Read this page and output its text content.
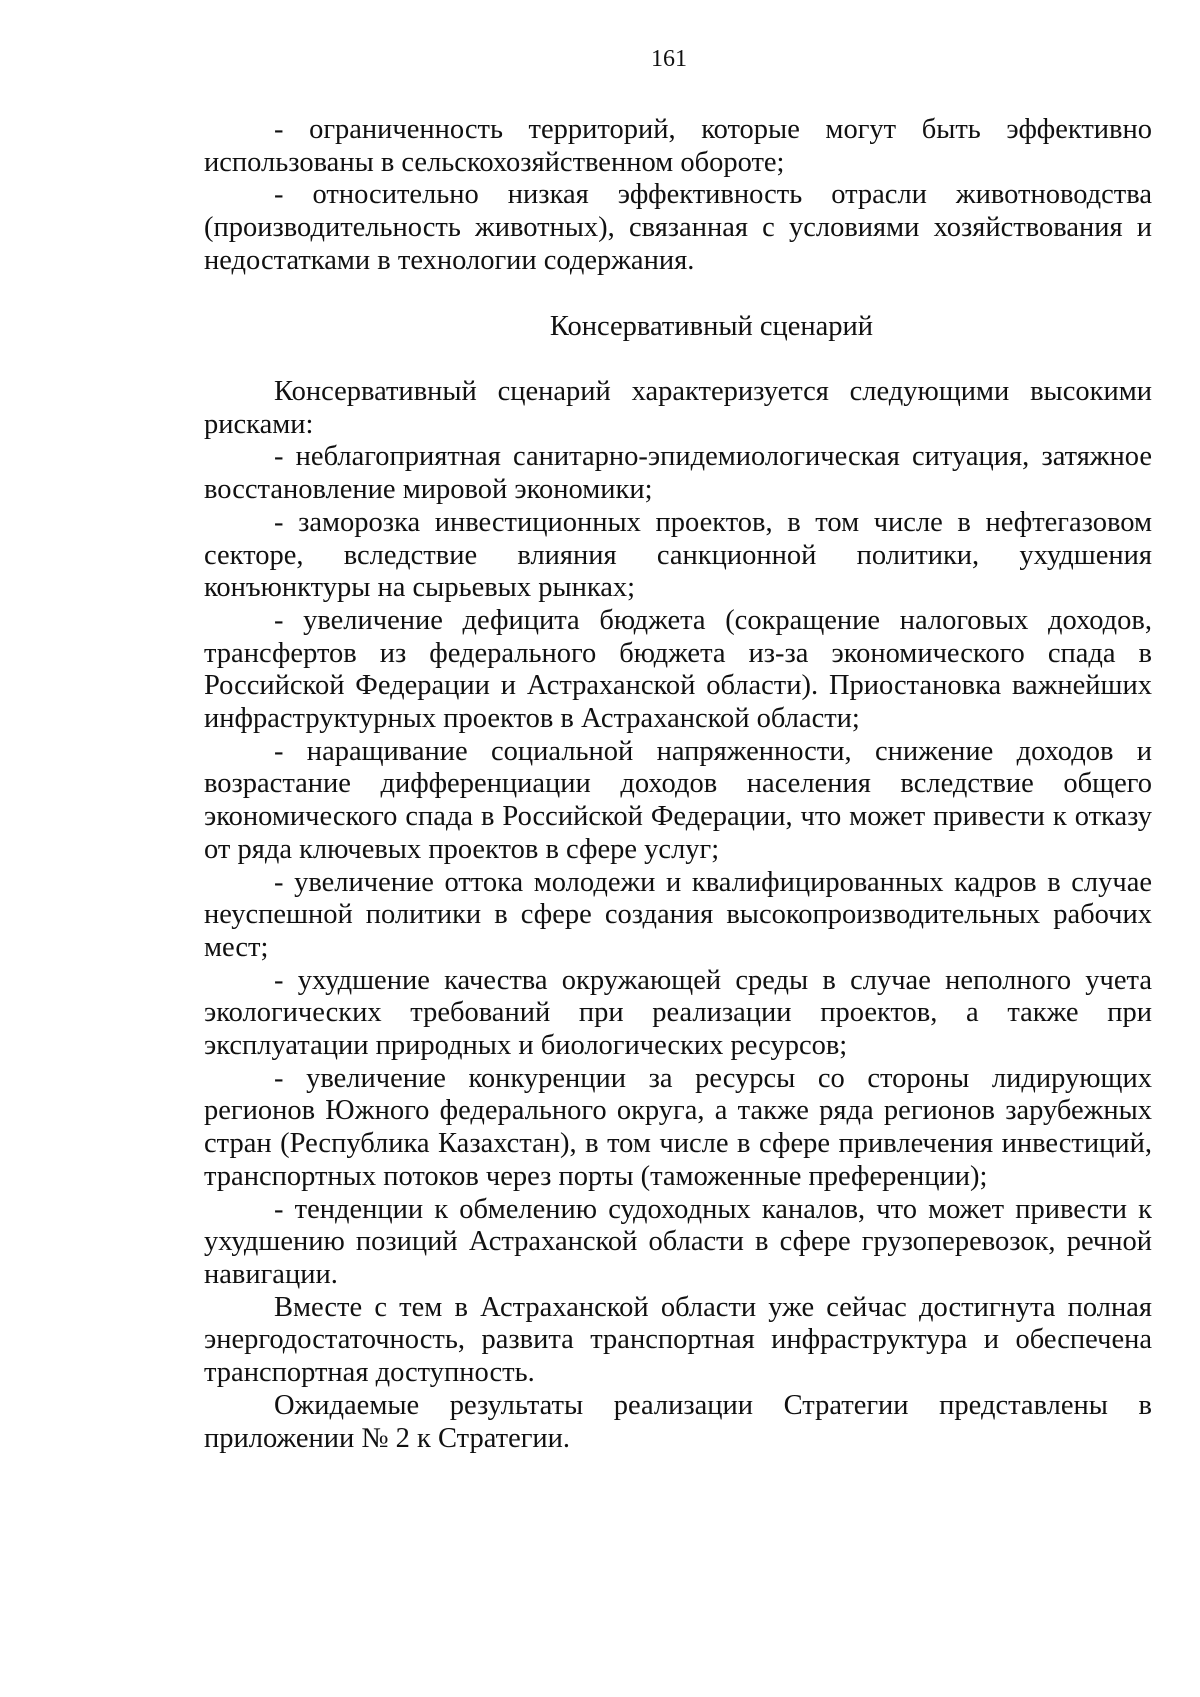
161

- ограниченность территорий, которые могут быть эффективно использованы в сельскохозяйственном обороте;

- относительно низкая эффективность отрасли животноводства (производительность животных), связанная с условиями хозяйствования и недостатками в технологии содержания.

Консервативный сценарий

Консервативный сценарий характеризуется следующими высокими рисками:

- неблагоприятная санитарно-эпидемиологическая ситуация, затяжное восстановление мировой экономики;

- заморозка инвестиционных проектов, в том числе в нефтегазовом секторе, вследствие влияния санкционной политики, ухудшения конъюнктуры на сырьевых рынках;

- увеличение дефицита бюджета (сокращение налоговых доходов, трансфертов из федерального бюджета из-за экономического спада в Российской Федерации и Астраханской области). Приостановка важнейших инфраструктурных проектов в Астраханской области;

- наращивание социальной напряженности, снижение доходов и возрастание дифференциации доходов населения вследствие общего экономического спада в Российской Федерации, что может привести к отказу от ряда ключевых проектов в сфере услуг;

- увеличение оттока молодежи и квалифицированных кадров в случае неуспешной политики в сфере создания высокопроизводительных рабочих мест;

- ухудшение качества окружающей среды в случае неполного учета экологических требований при реализации проектов, а также при эксплуатации природных и биологических ресурсов;

- увеличение конкуренции за ресурсы со стороны лидирующих регионов Южного федерального округа, а также ряда регионов зарубежных стран (Республика Казахстан), в том числе в сфере привлечения инвестиций, транспортных потоков через порты (таможенные преференции);

- тенденции к обмелению судоходных каналов, что может привести к ухудшению позиций Астраханской области в сфере грузоперевозок, речной навигации.

Вместе с тем в Астраханской области уже сейчас достигнута полная энергодостаточность, развита транспортная инфраструктура и обеспечена транспортная доступность.

Ожидаемые результаты реализации Стратегии представлены в приложении № 2 к Стратегии.
